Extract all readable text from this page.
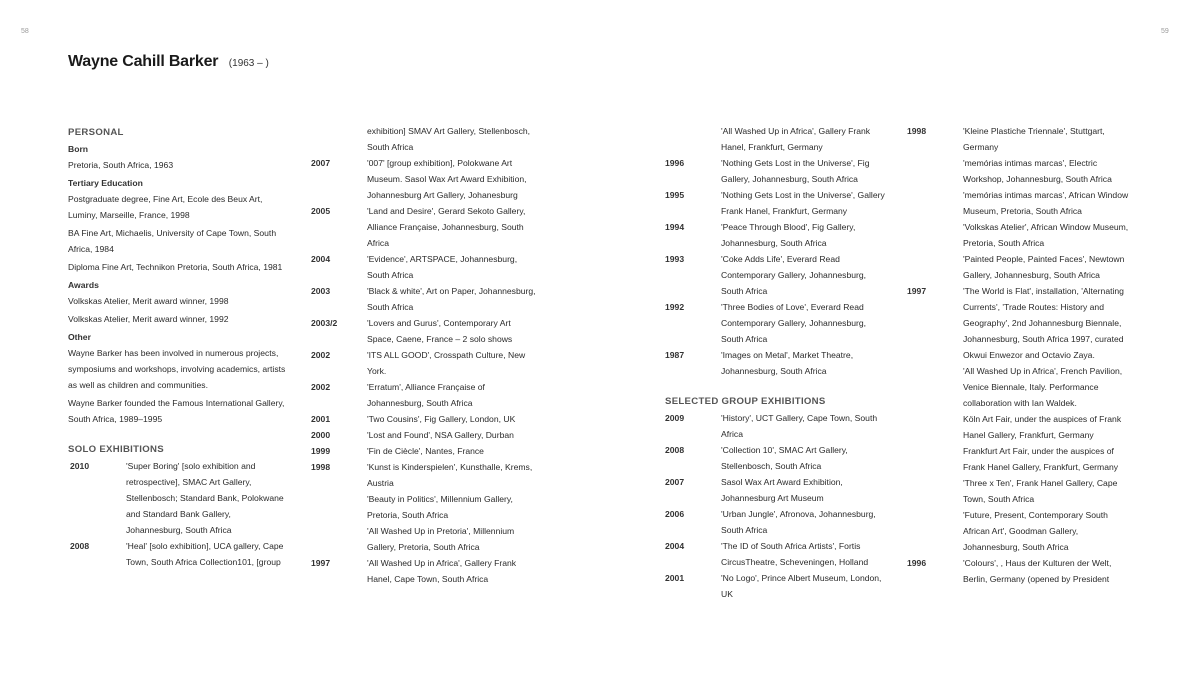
58	59
Wayne Cahill Barker (1963 – )
PERSONAL
Born
Pretoria, South Africa, 1963
Tertiary Education
Postgraduate degree, Fine Art, Ecole des Beux Art, Luminy, Marseille, France, 1998
BA Fine Art, Michaelis, University of Cape Town, South Africa, 1984
Diploma Fine Art, Technikon Pretoria, South Africa, 1981
Awards
Volkskas Atelier, Merit award winner, 1998
Volkskas Atelier, Merit award winner, 1992
Other
Wayne Barker has been involved in numerous projects, symposiums and workshops, involving academics, artists as well as children and communities.
Wayne Barker founded the Famous International Gallery, South Africa, 1989–1995
SOLO EXHIBITIONS
2010	'Super Boring' [solo exhibition and retrospective], SMAC Art Gallery, Stellenbosch; Standard Bank, Polokwane and Standard Bank Gallery, Johannesburg, South Africa
2008	'Heal' [solo exhibition], UCA gallery, Cape Town, South Africa Collection101, [group
exhibition] SMAV Art Gallery, Stellenbosch, South Africa
2007	'007' [group exhibition], Polokwane Art Museum. Sasol Wax Art Award Exhibition, Johannesburg Art Gallery, Johanesburg
2005	'Land and Desire', Gerard Sekoto Gallery, Alliance Française, Johannesburg, South Africa
2004	'Evidence', ARTSPACE, Johannesburg, South Africa
2003	'Black & white', Art on Paper, Johannesburg, South Africa
2003/2	'Lovers and Gurus', Contemporary Art Space, Caene, France – 2 solo shows
2002	'ITS ALL GOOD', Crosspath Culture, New York.
2002	'Erratum', Alliance Française of Johannesburg, South Africa
2001	'Two Cousins', Fig Gallery, London, UK
2000	'Lost and Found', NSA Gallery, Durban
1999	'Fin de Ciècle', Nantes, France
1998	'Kunst is Kinderspielen', Kunsthalle, Krems, Austria
'Beauty in Politics', Millennium Gallery, Pretoria, South Africa
'All Washed Up in Pretoria', Millennium Gallery, Pretoria, South Africa
1997	'All Washed Up in Africa', Gallery Frank Hanel, Cape Town, South Africa
'All Washed Up in Africa', Gallery Frank Hanel, Frankfurt, Germany
1996	'Nothing Gets Lost in the Universe', Fig Gallery, Johannesburg, South Africa
1995	'Nothing Gets Lost in the Universe', Gallery Frank Hanel, Frankfurt, Germany
1994	'Peace Through Blood', Fig Gallery, Johannesburg, South Africa
1993	'Coke Adds Life', Everard Read Contemporary Gallery, Johannesburg, South Africa
1992	'Three Bodies of Love', Everard Read Contemporary Gallery, Johannesburg, South Africa
1987	'Images on Metal', Market Theatre, Johannesburg, South Africa
SELECTED GROUP EXHIBITIONS
2009	'History', UCT Gallery, Cape Town, South Africa
2008	'Collection 10', SMAC Art Gallery, Stellenbosch, South Africa
2007	Sasol Wax Art Award Exhibition, Johannesburg Art Museum
2006	'Urban Jungle', Afronova, Johannesburg, South Africa
2004	'The ID of South Africa Artists', Fortis CircusTheatre, Scheveningen, Holland
2001	'No Logo', Prince Albert Museum, London, UK
1998	'Kleine Plastiche Triennale', Stuttgart, Germany
'memórias intimas marcas', Electric Workshop, Johannesburg, South Africa
'memórias intimas marcas', African Window Museum, Pretoria, South Africa
'Volkskas Atelier', African Window Museum, Pretoria, South Africa
'Painted People, Painted Faces', Newtown Gallery, Johannesburg, South Africa
1997	'The World is Flat', installation, 'Alternating Currents', 'Trade Routes: History and Geography', 2nd Johannesburg Biennale, Johannesburg, South Africa 1997, curated Okwui Enwezor and Octavio Zaya.
'All Washed Up in Africa', French Pavilion, Venice Biennale, Italy. Performance collaboration with Ian Waldek.
Köln Art Fair, under the auspices of Frank Hanel Gallery, Frankfurt, Germany
Frankfurt Art Fair, under the auspices of Frank Hanel Gallery, Frankfurt, Germany
'Three x Ten', Frank Hanel Gallery, Cape Town, South Africa
'Future, Present, Contemporary South African Art', Goodman Gallery, Johannesburg, South Africa
1996	'Colours', , Haus der Kulturen der Welt, Berlin, Germany (opened by President
